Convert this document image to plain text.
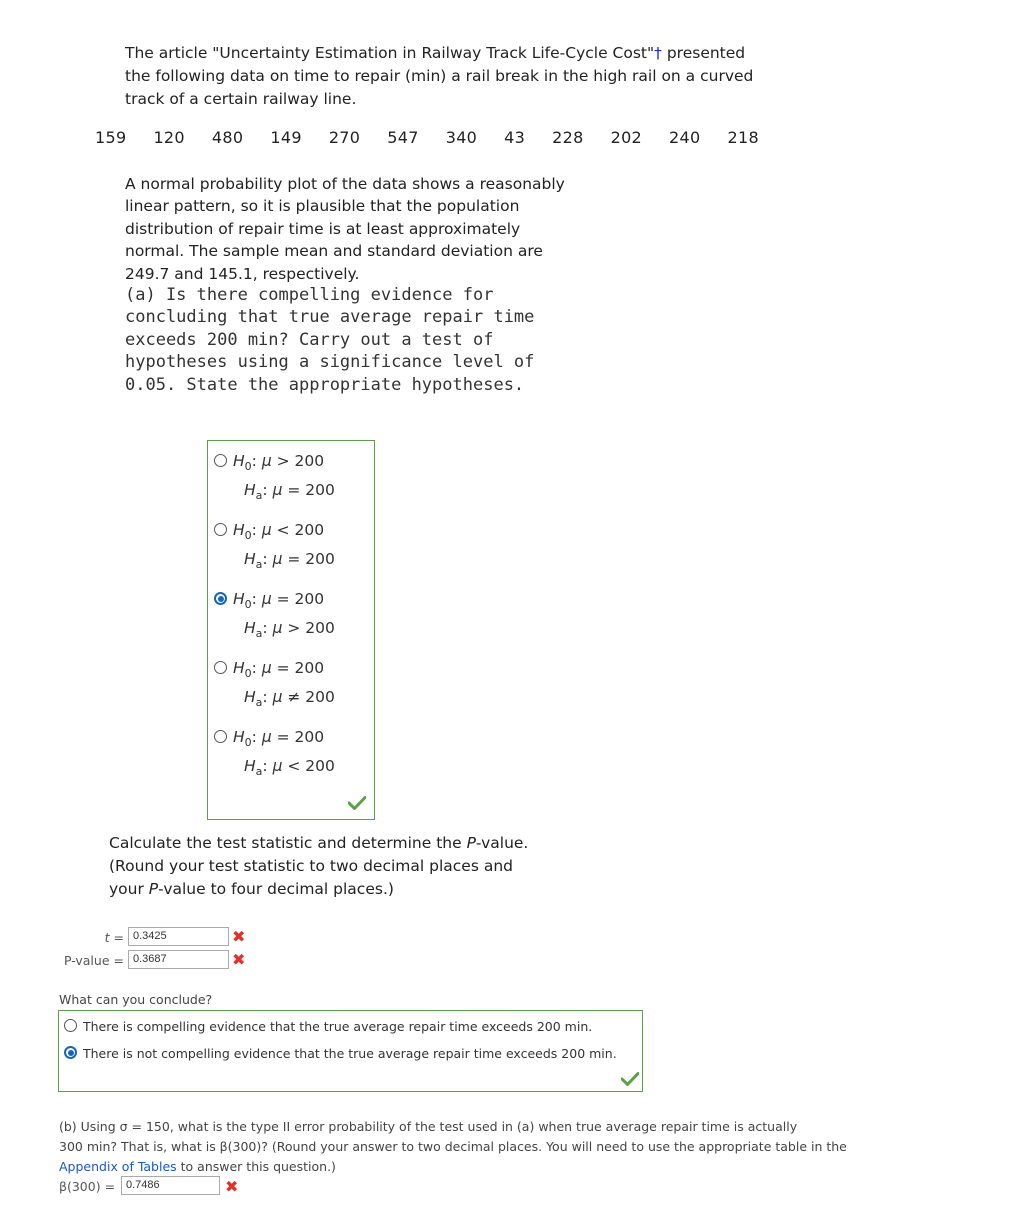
The article "Uncertainty Estimation in Railway Track Life-Cycle Cost"† presented the following data on time to repair (min) a rail break in the high rail on a curved track of a certain railway line.
159 120 480 149 270 547 340 43 228 202 240 218
A normal probability plot of the data shows a reasonably linear pattern, so it is plausible that the population distribution of repair time is at least approximately normal. The sample mean and standard deviation are 249.7 and 145.1, respectively.
(a) Is there compelling evidence for concluding that true average repair time exceeds 200 min? Carry out a test of hypotheses using a significance level of 0.05. State the appropriate hypotheses.
$H_0$: μ > 200
$H_a$: μ = 200
$H_0$: μ < 200
$H_a$: μ = 200
$H_0$: μ = 200
$H_a$: μ > 200
$H_0$: μ = 200
$H_a$: μ ≠ 200
$H_0$: μ = 200
$H_a$: μ < 200
Calculate the test statistic and determine the P-value.
(Round your test statistic to two decimal places and
your P-value to four decimal places.)
t = 0.3425	✖
P-value = 0.3687	✖
What can you conclude?
There is compelling evidence that the true average repair time exceeds 200 min.
There is not compelling evidence that the true average repair time exceeds 200 min.
(b) Using σ = 150, what is the type II error probability of the test used in (a) when true average repair time is actually
300 min? That is, what is β(300)? (Round your answer to two decimal places. You will need to use the appropriate table in the
Appendix of Tables to answer this question.)
β(300) = 0.7486	✖
